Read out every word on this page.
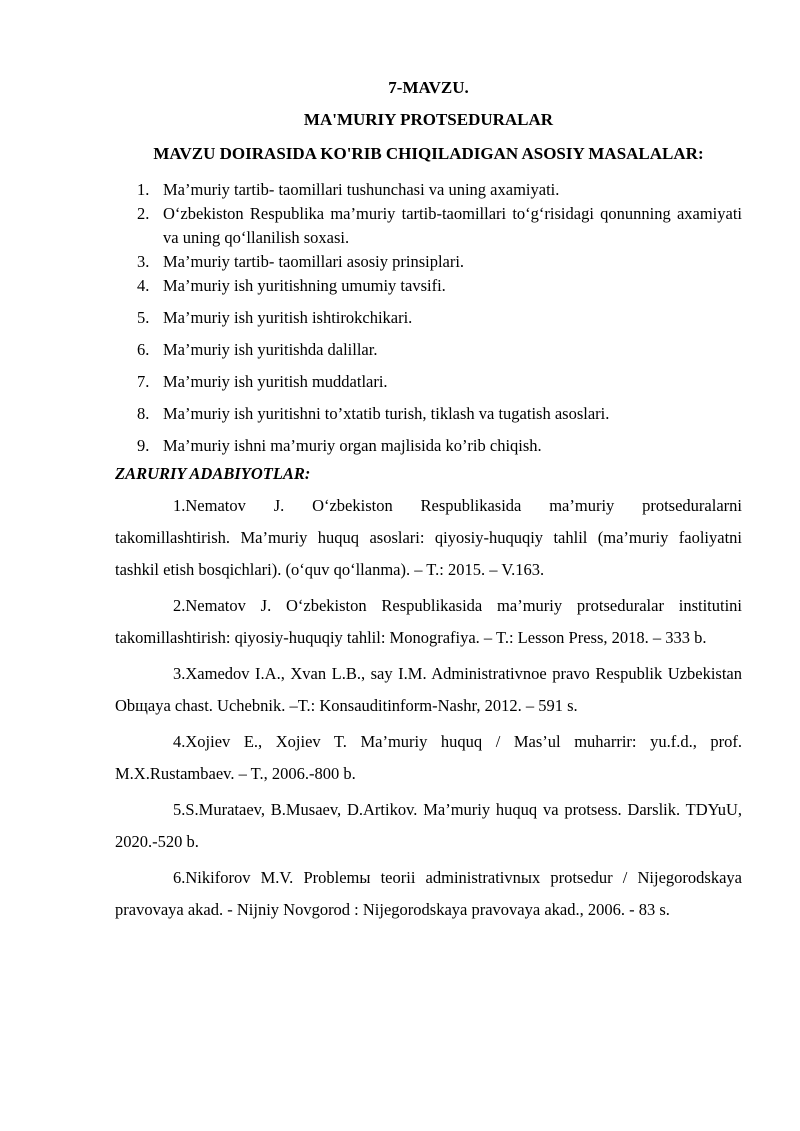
7-MAVZU.

MA'MURIY PROTSEDURALAR

MAVZU DOIRASIDA KO'RIB CHIQILADIGAN ASOSIY MASALALAR:

1. Ma’muriy tartib- taomillari tushunchasi va uning axamiyati.
2. O‘zbekiston Respublika ma’muriy tartib-taomillari to‘g‘risidagi qonunning axamiyati va uning qo‘llanilish soxasi.
3. Ma’muriy tartib- taomillari asosiy prinsiplari.
4. Ma’muriy ish yuritishning umumiy tavsifi.
5. Ma’muriy ish yuritish ishtirokchikari.
6. Ma’muriy ish yuritishda dalillar.
7. Ma’muriy ish yuritish muddatlari.
8. Ma’muriy ish yuritishni to’xtatib turish, tiklash va tugatish asoslari.
9. Ma’muriy ishni ma’muriy organ majlisida ko’rib chiqish.
ZARURIY ADABIYOTLAR:

1.Nematov J. O‘zbekiston Respublikasida ma’muriy protseduralarni takomillashtirish. Ma’muriy huquq asoslari: qiyosiy-huquqiy tahlil (ma’muriy faoliyatni tashkil etish bosqichlari). (o‘quv qo‘llanma). – T.: 2015. – V.163.

2.Nematov J. O‘zbekiston Respublikasida ma’muriy protseduralar institutini takomillashtirish: qiyosiy-huquqiy tahlil: Monografiya. – T.: Lesson Press, 2018. – 333 b.

3.Xamedov I.A., Xvan L.B., say I.M. Administrativnoe pravo Respublik Uzbekistan Obщaya chast. Uchebnik. –T.: Konsauditinform-Nashr, 2012. – 591 s.

4.Xojiev E., Xojiev T. Ma’muriy huquq / Mas’ul muharrir: yu.f.d., prof. M.X.Rustambaev. – T., 2006.-800 b.

5.S.Murataev, B.Musaev, D.Artikov. Ma’muriy huquq va protsess. Darslik. TDYuU, 2020.-520 b.

6.Nikiforov M.V. Problemы teorii administrativnых protsedur / Nijegorodskaya pravovaya akad. - Nijniy Novgorod : Nijegorodskaya pravovaya akad., 2006. - 83 s.
